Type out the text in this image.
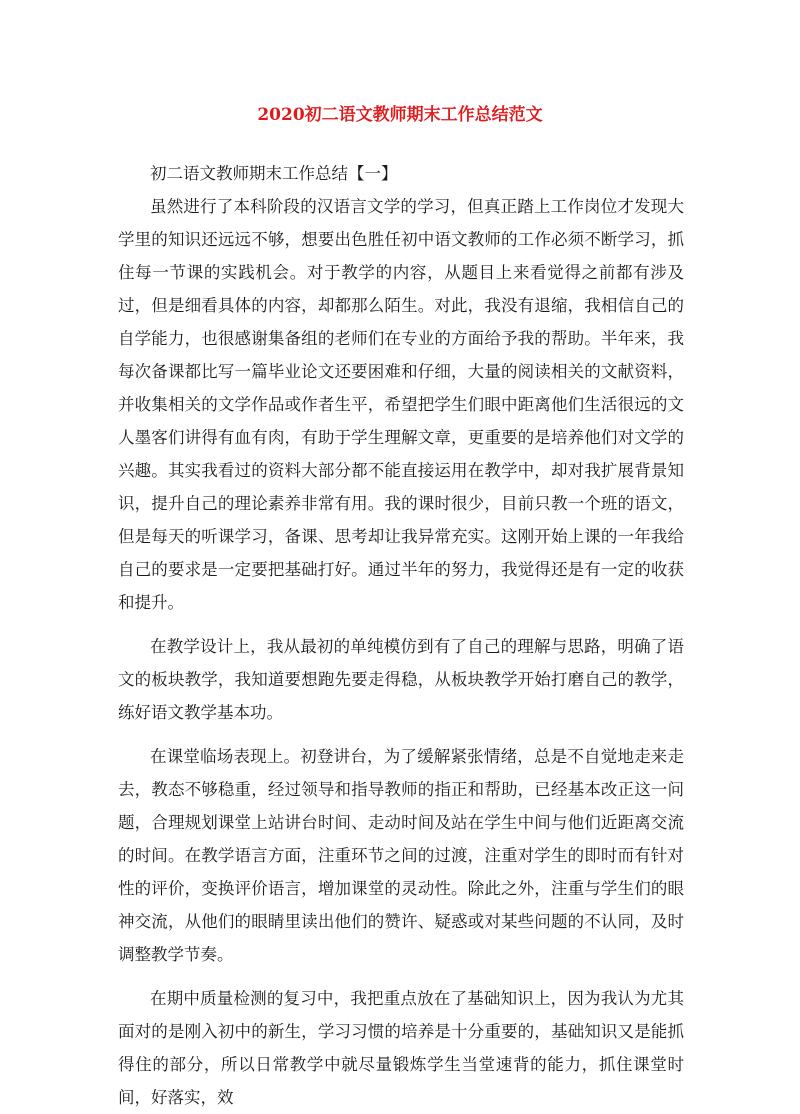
2020初二语文教师期末工作总结范文

初二语文教师期末工作总结【一】

虽然进行了本科阶段的汉语言文学的学习，但真正踏上工作岗位才发现大学里的知识还远远不够，想要出色胜任初中语文教师的工作必须不断学习，抓住每一节课的实践机会。对于教学的内容，从题目上来看觉得之前都有涉及过，但是细看具体的内容，却都那么陌生。对此，我没有退缩，我相信自己的自学能力，也很感谢集备组的老师们在专业的方面给予我的帮助。半年来，我每次备课都比写一篇毕业论文还要困难和仔细，大量的阅读相关的文献资料，并收集相关的文学作品或作者生平，希望把学生们眼中距离他们生活很远的文人墨客们讲得有血有肉，有助于学生理解文章，更重要的是培养他们对文学的兴趣。其实我看过的资料大部分都不能直接运用在教学中，却对我扩展背景知识，提升自己的理论素养非常有用。我的课时很少，目前只教一个班的语文，但是每天的听课学习，备课、思考却让我异常充实。这刚开始上课的一年我给自己的要求是一定要把基础打好。通过半年的努力，我觉得还是有一定的收获和提升。

在教学设计上，我从最初的单纯模仿到有了自己的理解与思路，明确了语文的板块教学，我知道要想跑先要走得稳，从板块教学开始打磨自己的教学，练好语文教学基本功。

在课堂临场表现上。初登讲台，为了缓解紧张情绪，总是不自觉地走来走去，教态不够稳重，经过领导和指导教师的指正和帮助，已经基本改正这一问题，合理规划课堂上站讲台时间、走动时间及站在学生中间与他们近距离交流的时间。在教学语言方面，注重环节之间的过渡，注重对学生的即时而有针对性的评价，变换评价语言，增加课堂的灵动性。除此之外，注重与学生们的眼神交流，从他们的眼睛里读出他们的赞许、疑惑或对某些问题的不认同，及时调整教学节奏。

在期中质量检测的复习中，我把重点放在了基础知识上，因为我认为尤其面对的是刚入初中的新生，学习习惯的培养是十分重要的，基础知识又是能抓得住的部分，所以日常教学中就尽量锻炼学生当堂速背的能力，抓住课堂时间，好落实，效
